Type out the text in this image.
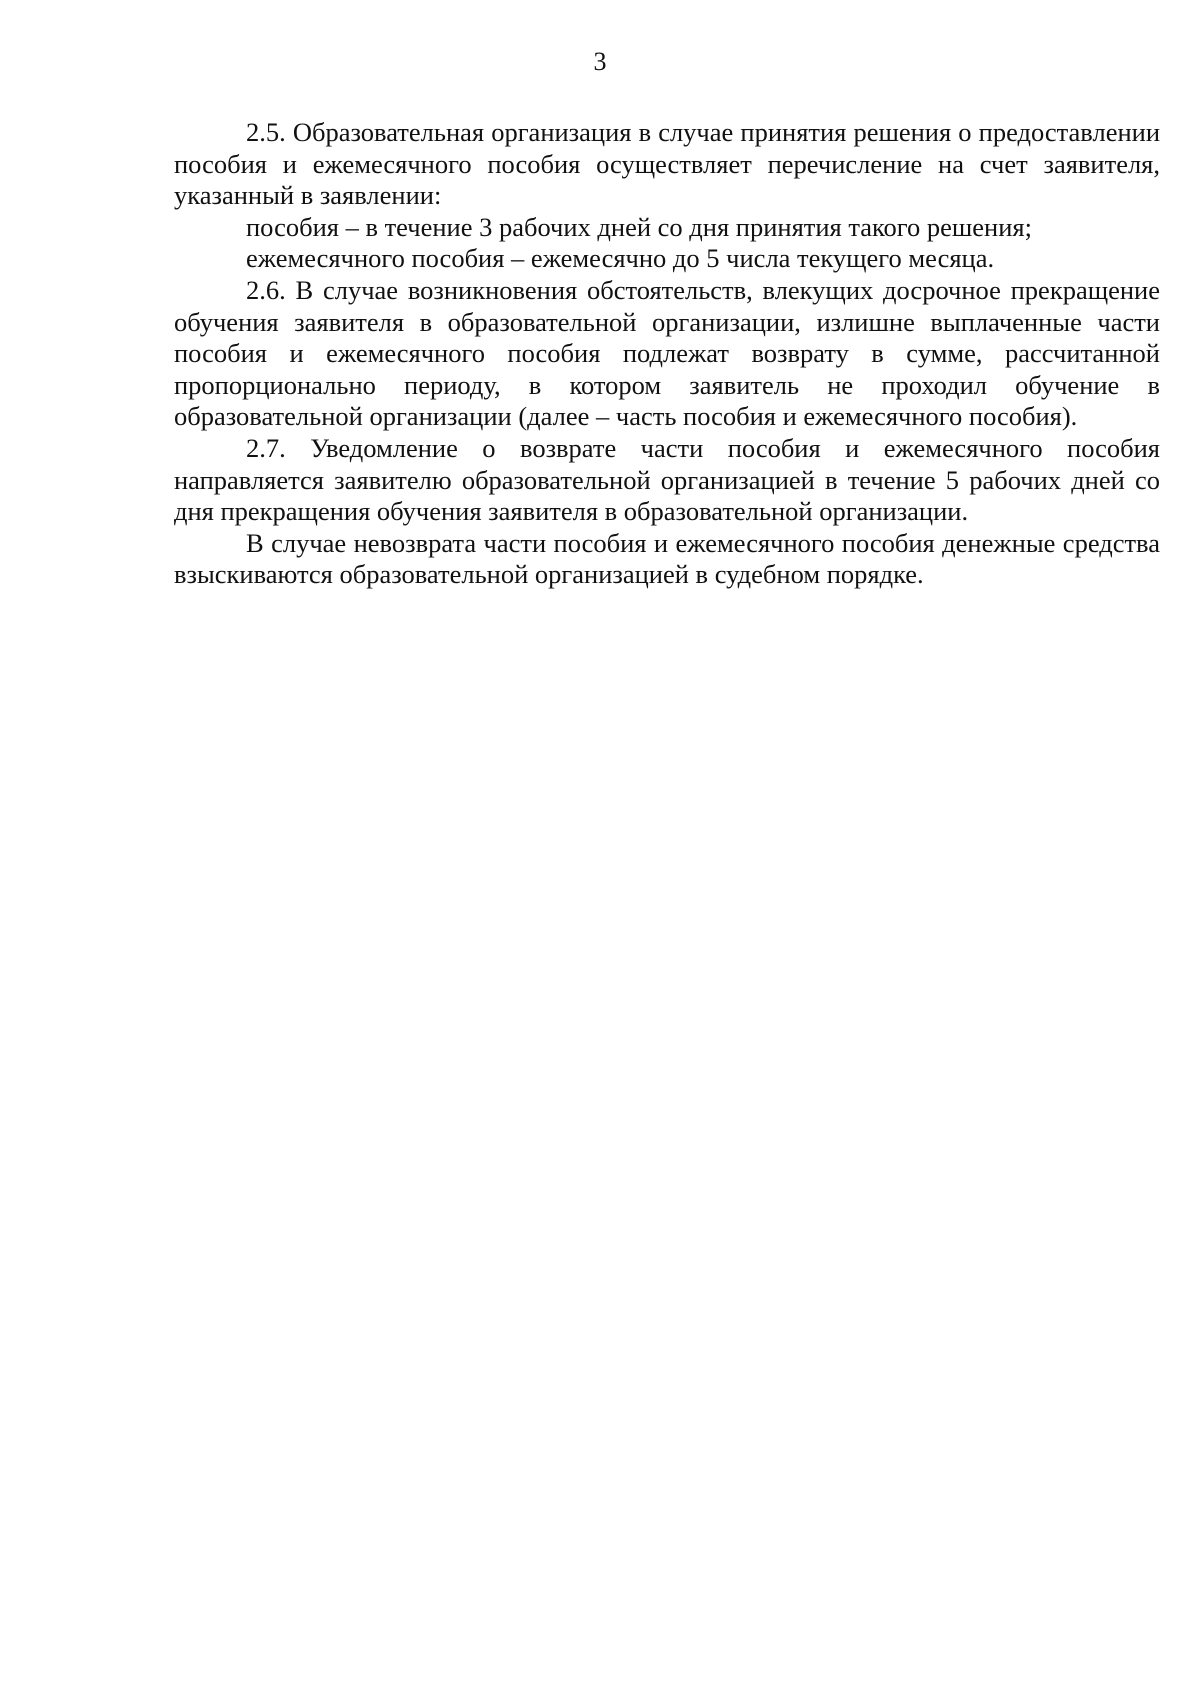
3

2.5. Образовательная организация в случае принятия решения о предоставлении пособия и ежемесячного пособия осуществляет перечисление на счет заявителя, указанный в заявлении:

пособия – в течение 3 рабочих дней со дня принятия такого решения;

ежемесячного пособия – ежемесячно до 5 числа текущего месяца.

2.6. В случае возникновения обстоятельств, влекущих досрочное прекращение обучения заявителя в образовательной организации, излишне выплаченные части пособия и ежемесячного пособия подлежат возврату в сумме, рассчитанной пропорционально периоду, в котором заявитель не проходил обучение в образовательной организации (далее – часть пособия и ежемесячного пособия).

2.7. Уведомление о возврате части пособия и ежемесячного пособия направляется заявителю образовательной организацией в течение 5 рабочих дней со дня прекращения обучения заявителя в образовательной организации.

В случае невозврата части пособия и ежемесячного пособия денежные средства взыскиваются образовательной организацией в судебном порядке.
